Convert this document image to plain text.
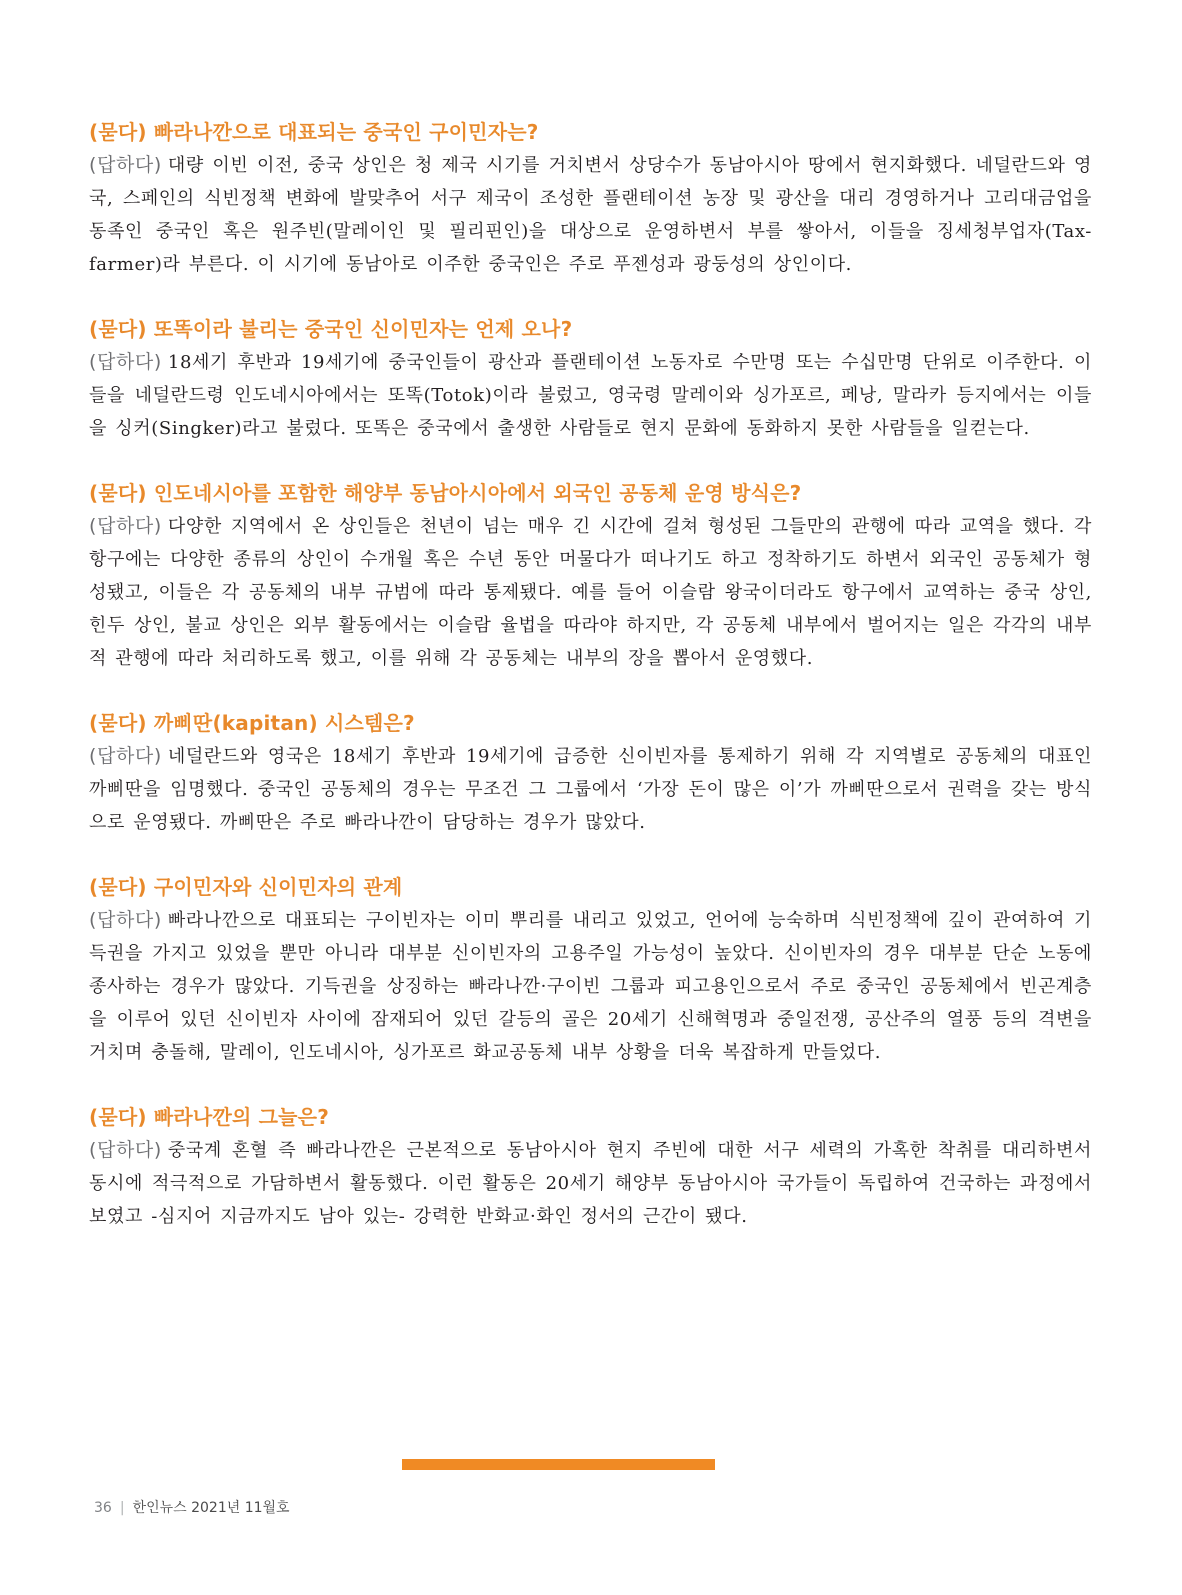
(묻다) 빠라나깐으로 대표되는 중국인 구이민자는?

(답하다) 대량 이빈 이전, 중국 상인은 청 제국 시기를 거치변서 상당수가 동남아시아 땅에서 현지화했다. 네덜란드와 영국, 스페인의 식빈정책 변화에 발맞추어 서구 제국이 조성한 플랜테이션 농장 및 광산을 대리 경영하거나 고리대금업을 동족인 중국인 혹은 원주빈(말레이인 및 필리핀인)을 대상으로 운영하변서 부를 쌓아서, 이들을 징세청부업자(Tax-farmer)라 부른다. 이 시기에 동남아로 이주한 중국인은 주로 푸젠성과 광둥성의 상인이다.

(묻다) 또똑이라 불리는 중국인 신이민자는 언제 오나?

(답하다) 18세기 후반과 19세기에 중국인들이 광산과 플랜테이션 노동자로 수만명 또는 수십만명 단위로 이주한다. 이들을 네덜란드령 인도네시아에서는 또똑(Totok)이라 불렀고, 영국령 말레이와 싱가포르, 페낭, 말라카 등지에서는 이들을 싱커(Singker)라고 불렀다. 또똑은 중국에서 출생한 사람들로 현지 문화에 동화하지 못한 사람들을 일컫는다.

(묻다) 인도네시아를 포함한 해양부 동남아시아에서 외국인 공동체 운영 방식은?

(답하다) 다양한 지역에서 온 상인들은 천년이 넘는 매우 긴 시간에 걸쳐 형성된 그들만의 관행에 따라 교역을 했다. 각 항구에는 다양한 종류의 상인이 수개월 혹은 수년 동안 머물다가 떠나기도 하고 정착하기도 하변서 외국인 공동체가 형성됐고, 이들은 각 공동체의 내부 규범에 따라 통제됐다. 예를 들어 이슬람 왕국이더라도 항구에서 교역하는 중국 상인, 힌두 상인, 불교 상인은 외부 활동에서는 이슬람 율법을 따라야 하지만, 각 공동체 내부에서 벌어지는 일은 각각의 내부적 관행에 따라 처리하도록 했고, 이를 위해 각 공동체는 내부의 장을 뽑아서 운영했다.

(묻다) 까삐딴(kapitan) 시스템은?

(답하다) 네덜란드와 영국은 18세기 후반과 19세기에 급증한 신이빈자를 통제하기 위해 각 지역별로 공동체의 대표인 까삐딴을 임명했다. 중국인 공동체의 경우는 무조건 그 그룹에서 ‘가장 돈이 많은 이’가 까삐딴으로서 권력을 갖는 방식으로 운영됐다. 까삐딴은 주로 빠라나깐이 담당하는 경우가 많았다.

(묻다) 구이민자와 신이민자의 관계

(답하다) 빠라나깐으로 대표되는 구이빈자는 이미 뿌리를 내리고 있었고, 언어에 능숙하며 식빈정책에 깊이 관여하여 기득권을 가지고 있었을 뿐만 아니라 대부분 신이빈자의 고용주일 가능성이 높았다. 신이빈자의 경우 대부분 단순 노동에 종사하는 경우가 많았다. 기득권을 상징하는 빠라나깐·구이빈 그룹과 피고용인으로서 주로 중국인 공동체에서 빈곤계층을 이루어 있던 신이빈자 사이에 잠재되어 있던 갈등의 골은 20세기 신해혁명과 중일전쟁, 공산주의 열풍 등의 격변을 거치며 충돌해, 말레이, 인도네시아, 싱가포르 화교공동체 내부 상황을 더욱 복잡하게 만들었다.

(묻다) 빠라나깐의 그늘은?

(답하다) 중국계 혼혈 즉 빠라나깐은 근본적으로 동남아시아 현지 주빈에 대한 서구 세력의 가혹한 착취를 대리하변서 동시에 적극적으로 가담하변서 활동했다. 이런 활동은 20세기 해양부 동남아시아 국가들이 독립하여 건국하는 과정에서 보였고 -심지어 지금까지도 남아 있는- 강력한 반화교·화인 정서의 근간이 됐다.

36 | 한인뉴스 2021년 11월호
